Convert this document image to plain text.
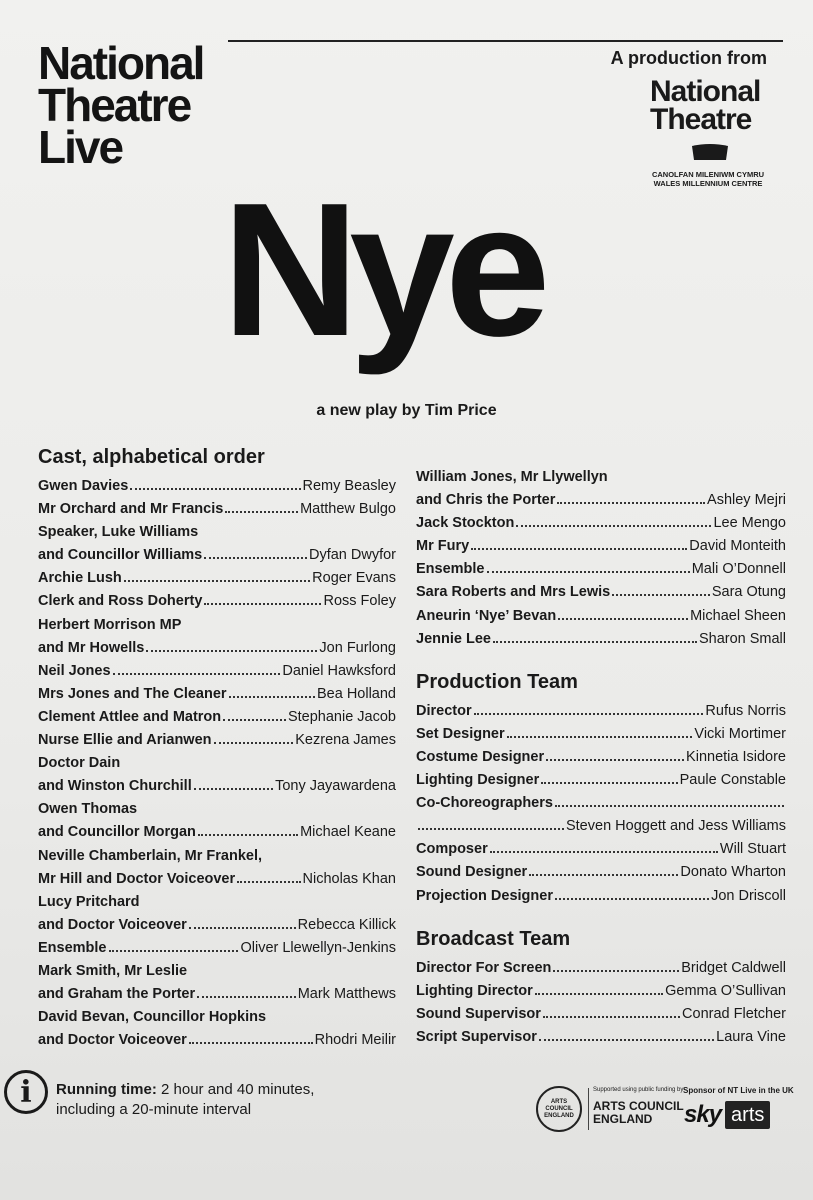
National
Theatre
Live
A production from
National
Theatre
CANOLFAN MILENIWM CYMRU
WALES MILLENNIUM CENTRE
Nye
a new play by Tim Price
Cast, alphabetical order
Gwen Davies	Remy Beasley
Mr Orchard and Mr Francis	Matthew Bulgo
Speaker, Luke Williams
and Councillor Williams	Dyfan Dwyfor
Archie Lush	Roger Evans
Clerk and Ross Doherty	Ross Foley
Herbert Morrison MP
and Mr Howells	Jon Furlong
Neil Jones	Daniel Hawksford
Mrs Jones and The Cleaner	Bea Holland
Clement Attlee and Matron	Stephanie Jacob
Nurse Ellie and Arianwen	Kezrena James
Doctor Dain
and Winston Churchill	Tony Jayawardena
Owen Thomas
and Councillor Morgan	Michael Keane
Neville Chamberlain, Mr Frankel,
Mr Hill and Doctor Voiceover	Nicholas Khan
Lucy Pritchard
and Doctor Voiceover	Rebecca Killick
Ensemble	Oliver Llewellyn-Jenkins
Mark Smith, Mr Leslie
and Graham the Porter	Mark Matthews
David Bevan, Councillor Hopkins
and Doctor Voiceover	Rhodri Meilir
William Jones, Mr Llywellyn
and Chris the Porter	Ashley Mejri
Jack Stockton	Lee Mengo
Mr Fury	David Monteith
Ensemble	Mali O’Donnell
Sara Roberts and Mrs Lewis	Sara Otung
Aneurin ‘Nye’ Bevan	Michael Sheen
Jennie Lee	Sharon Small
Production Team
Director	Rufus Norris
Set Designer	Vicki Mortimer
Costume Designer	Kinnetia Isidore
Lighting Designer	Paule Constable
Co-Choreographers
Steven Hoggett and Jess Williams
Composer	Will Stuart
Sound Designer	Donato Wharton
Projection Designer	Jon Driscoll
Broadcast Team
Director For Screen	Bridget Caldwell
Lighting Director	Gemma O’Sullivan
Sound Supervisor	Conrad Fletcher
Script Supervisor	Laura Vine
i	Running time: 2 hour and 40 minutes,
including a 20-minute interval	ARTS COUNCIL ENGLAND
Supported using public funding by
ARTS COUNCIL
ENGLAND
Sponsor of NT Live in the UK
sky arts
